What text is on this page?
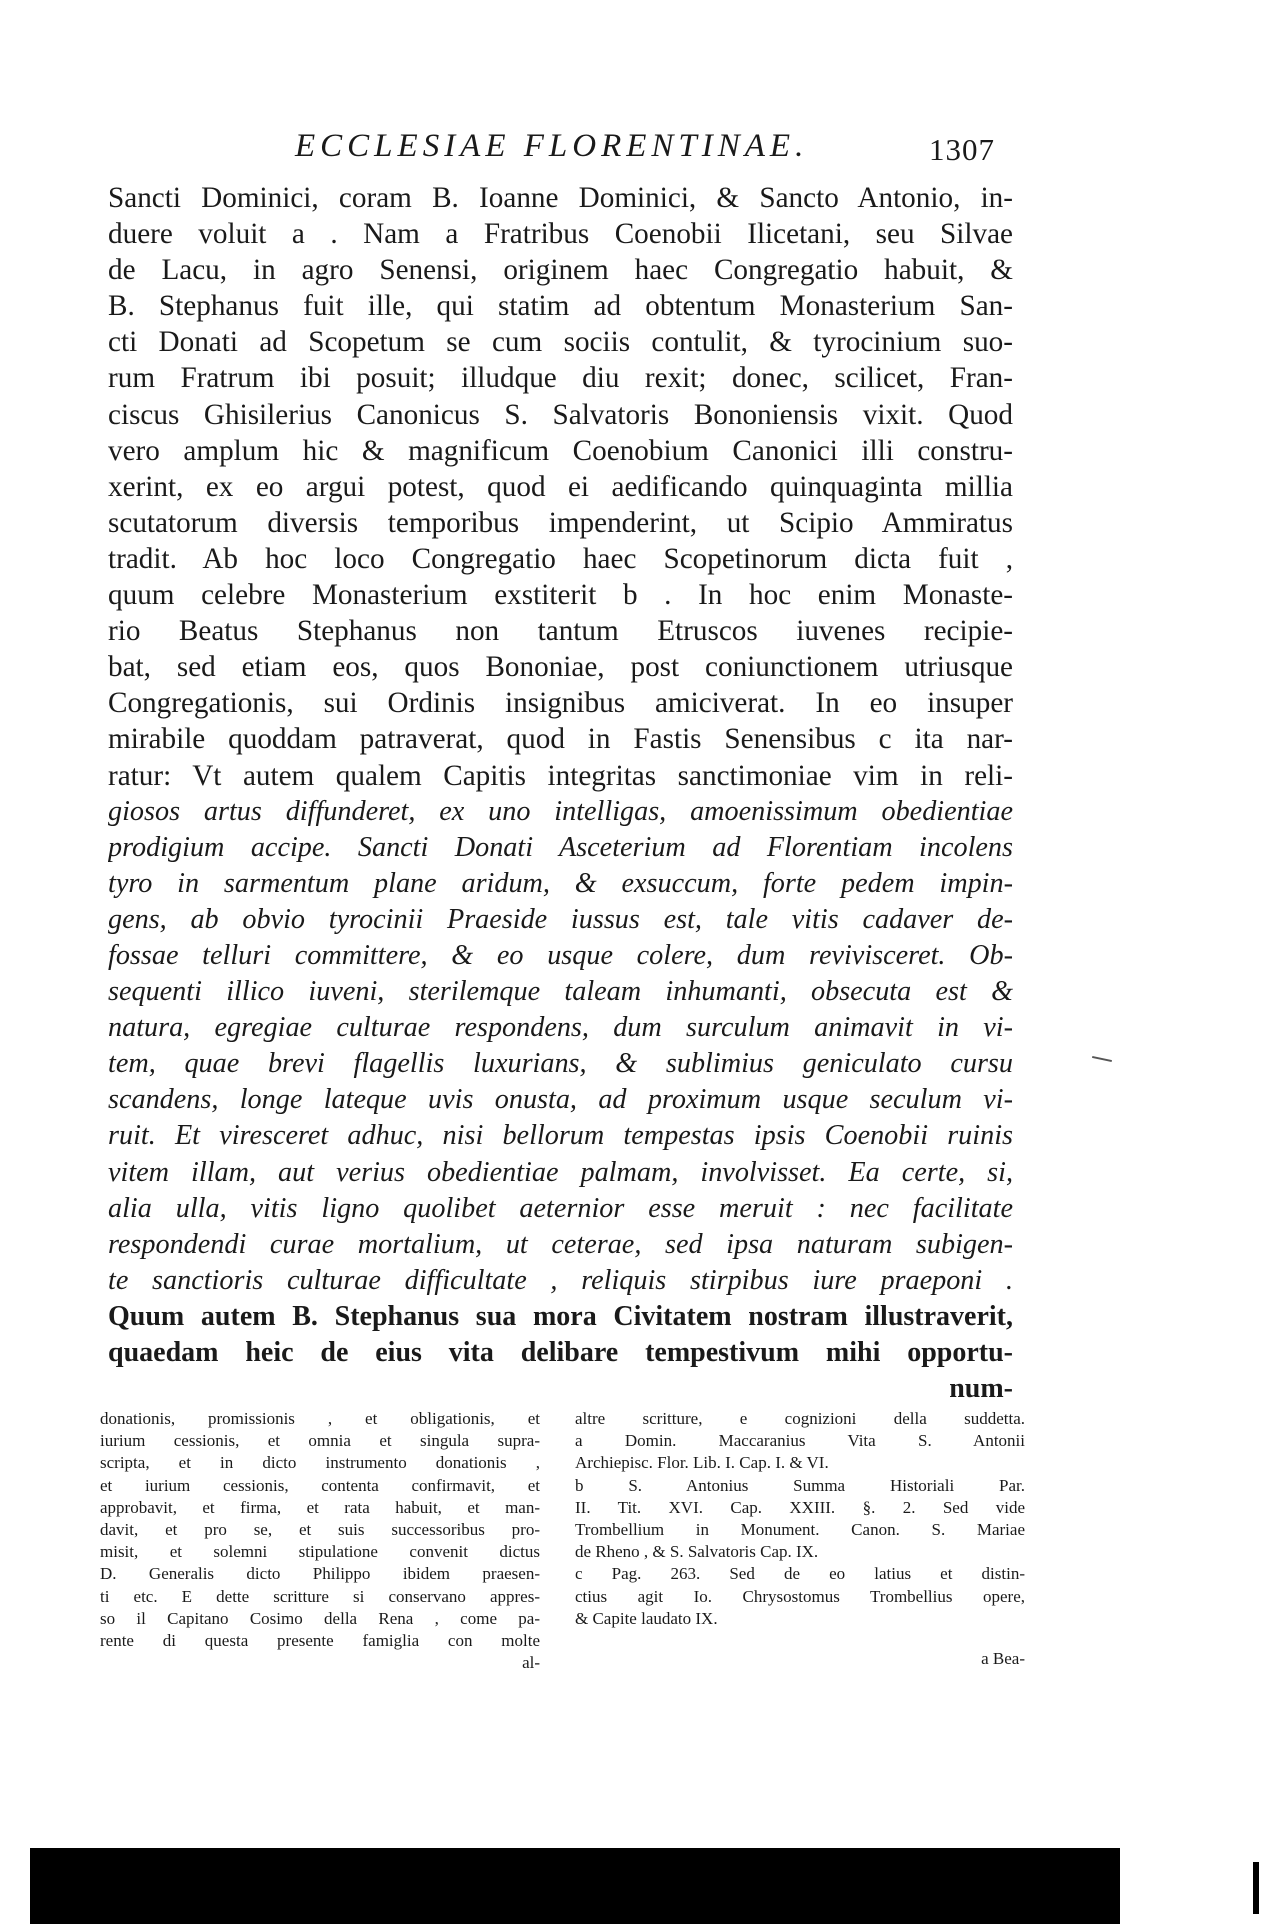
ECCLESIAE FLORENTINAE.	1307
Sancti Dominici, coram B. Ioanne Dominici, & Sancto Antonio, in-
duere voluit a . Nam a Fratribus Coenobii Ilicetani, seu Silvae
de Lacu, in agro Senensi, originem haec Congregatio habuit, &
B. Stephanus fuit ille, qui statim ad obtentum Monasterium San-
cti Donati ad Scopetum se cum sociis contulit, & tyrocinium suo-
rum Fratrum ibi posuit; illudque diu rexit; donec, scilicet, Fran-
ciscus Ghisilerius Canonicus S. Salvatoris Bononiensis vixit. Quod
vero amplum hic & magnificum Coenobium Canonici illi constru-
xerint, ex eo argui potest, quod ei aedificando quinquaginta millia
scutatorum diversis temporibus impenderint, ut Scipio Ammiratus
tradit. Ab hoc loco Congregatio haec Scopetinorum dicta fuit ,
quum celebre Monasterium exstiterit b . In hoc enim Monaste-
rio Beatus Stephanus non tantum Etruscos iuvenes recipie-
bat, sed etiam eos, quos Bononiae, post coniunctionem utriusque
Congregationis, sui Ordinis insignibus amiciverat. In eo insuper
mirabile quoddam patraverat, quod in Fastis Senensibus c ita nar-
ratur: Vt autem qualem Capitis integritas sanctimoniae vim in reli-
giosos artus diffunderet, ex uno intelligas, amoenissimum obedientiae
prodigium accipe. Sancti Donati Asceterium ad Florentiam incolens
tyro in sarmentum plane aridum, & exsuccum, forte pedem impin-
gens, ab obvio tyrocinii Praeside iussus est, tale vitis cadaver de-
fossae telluri committere, & eo usque colere, dum revivisceret. Ob-
sequenti illico iuveni, sterilemque taleam inhumanti, obsecuta est &
natura, egregiae culturae respondens, dum surculum animavit in vi-
tem, quae brevi flagellis luxurians, & sublimius geniculato cursu
scandens, longe lateque uvis onusta, ad proximum usque seculum vi-
ruit. Et viresceret adhuc, nisi bellorum tempestas ipsis Coenobii ruinis
vitem illam, aut verius obedientiae palmam, involvisset. Ea certe, si,
alia ulla, vitis ligno quolibet aeternior esse meruit : nec facilitate
respondendi curae mortalium, ut ceterae, sed ipsa naturam subigen-
te sanctioris culturae difficultate , reliquis stirpibus iure praeponi .
Quum autem B. Stephanus sua mora Civitatem nostram illustraverit,
quaedam heic de eius vita delibare tempestivum mihi opportu-
num-
donationis, promissionis , et obligationis, et
iurium cessionis, et omnia et singula supra-
scripta, et in dicto instrumento donationis ,
et iurium cessionis, contenta confirmavit, et
approbavit, et firma, et rata habuit, et man-
davit, et pro se, et suis successoribus pro-
misit, et solemni stipulatione convenit dictus
D. Generalis dicto Philippo ibidem praesen-
ti etc. E dette scritture si conservano appres-
so il Capitano Cosimo della Rena , come pa-
rente di questa presente famiglia con molte
al-
altre scritture, e cognizioni della suddetta.
a Domin. Maccaranius Vita S. Antonii
Archiepisc. Flor. Lib. I. Cap. I. & VI.
b S. Antonius Summa Historiali Par.
II. Tit. XVI. Cap. XXIII. §. 2. Sed vide
Trombellium in Monument. Canon. S. Mariae
de Rheno , & S. Salvatoris Cap. IX.
c Pag. 263. Sed de eo latius et distin-
ctius agit Io. Chrysostomus Trombellius opere,
& Capite laudato IX.
a Bea-
